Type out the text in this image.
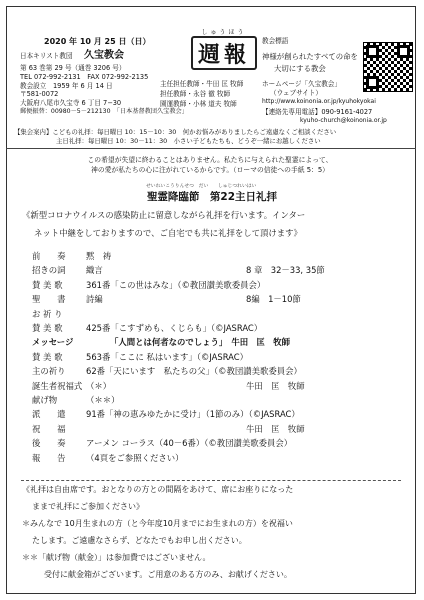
2020 年 10 月 25 日（日）
日本キリスト教団 久宝教会
第 63 巻第 29 号（通巻 3206 号）
TEL 072-992-2131　FAX 072-992-2135
教会設立　1959 年 6 月 14 日
〒581-0072
大阪府八尾市久宝寺 6 丁目 7−30
郵便振替：00980－5－212130　「日本基督教団久宝教会」
しゅうほう
週報
主任担任教師・牛田 匡 牧師
担任教師・永谷 徹 牧師
園運教師・小林 道夫 牧師
教会標語
神様が創られたすべての命を
大切にする教会
ホームページ「久宝教会」
（ウェブサイト）
http://www.koinonia.or.jp/kyuhokyokai
【連絡先専用電話】090-9161-4027
kyuho-church@koinonia.or.jp
【集会案内】こどもの礼拝：毎日曜日 10：15－10：30　何かお悩みがありましたらご遠慮なくご相談ください
主日礼拝：毎日曜日 10：30－11：30　小さい子どもたちも、どうぞ一緒にお越しください
この希望が失望に終わることはありません。私たちに与えられた聖霊によって、
神の愛が私たちの心に注がれているからです。（ローマの信徒への手紙 5：5）
せいれいこうりんせつ　だい　　しゅじつれいはい
聖霊降臨節　第22主日礼拝
《新型コロナウイルスの感染防止に留意しながら礼拝を行います。インター
ネット中継をしておりますので、ご自宅でも共に礼拝をして頂けます》
前　　奏 黙　祷
招きの詞 織言	8 章　32－33, 35節
賛 美 歌	361番「この世はみな」（©教団讃美歌委員会）
聖　　書 詩編	8編　1－10節
お 祈 り
賛 美 歌	425番「こすずめも、くじらも」（©JASRAC）
メッセージ	「人間とは何者なのでしょう」　牛田　匡　牧師
賛 美 歌	563番「ここに 私はいます」（©JASRAC）
主の祈り 62番「天にいます　私たちの父」（©教団讃美歌委員会）
誕生者祝福式 （＊）	牛田　匡　牧師
献げ物	（＊＊）
派　　遣 91番「神の恵みゆたかに受け」（1節のみ）（©JASRAC）
祝　　福	牛田　匡　牧師
後　　奏 アーメン コーラス（40－6番）（©教団讃美歌委員会）
報　　告 （4頁をご参照ください）
《礼拝は自由席です。おとなりの方との間隔をあけて、席にお座りになった
ままで礼拝にご参加ください》
＊みんなで 10月生まれの方（と今年度10月までにお生まれの方）を祝福い
たします。ご遠慮なさらず、どなたでもお申し出ください。
＊＊「献げ物（献金）」は参加費ではございません。
受付に献金箱がございます。ご用意のある方のみ、お献げください。
